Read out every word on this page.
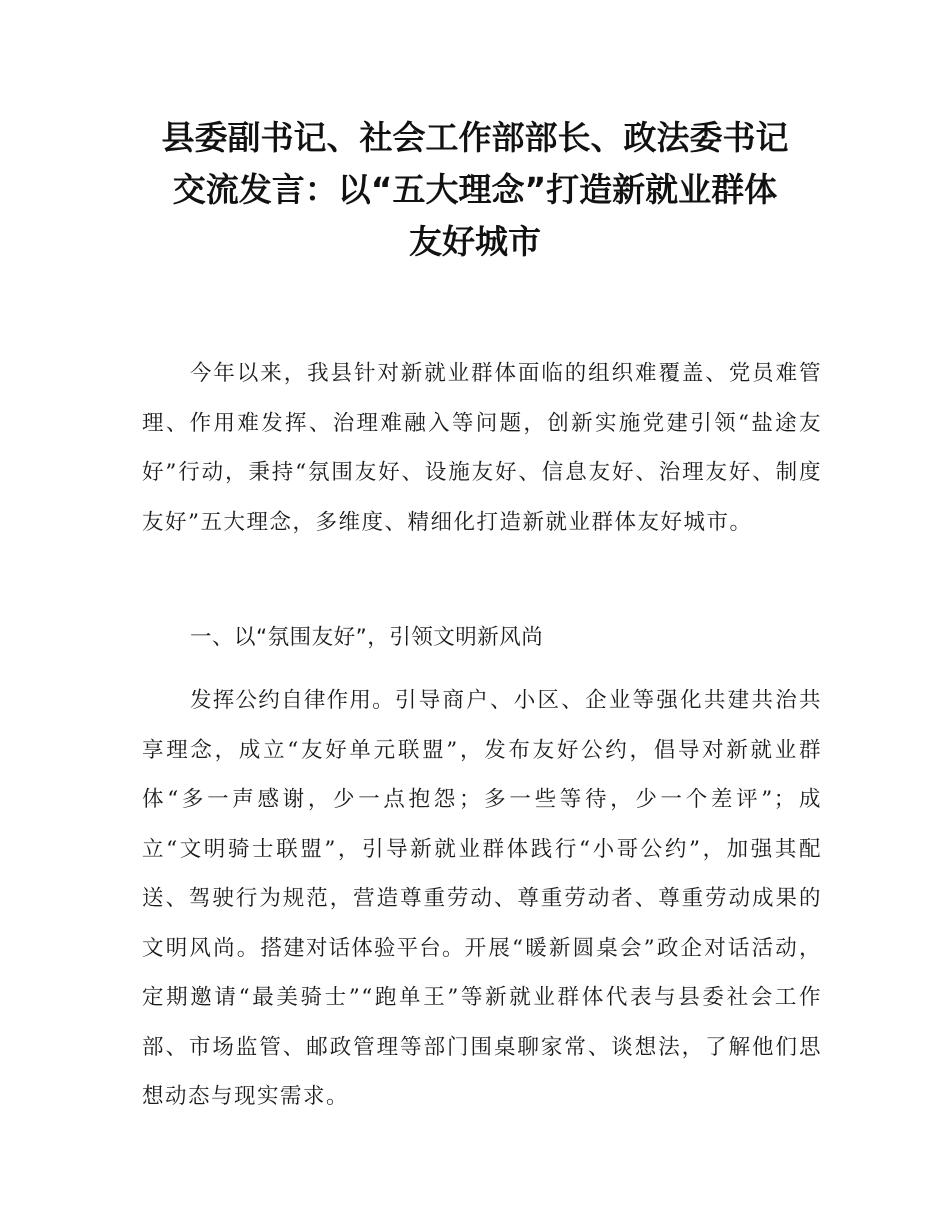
县委副书记、社会工作部部长、政法委书记
交流发言：以“五大理念”打造新就业群体
友好城市

今年以来，我县针对新就业群体面临的组织难覆盖、党员难管理、作用难发挥、治理难融入等问题，创新实施党建引领“盐途友好”行动，秉持“氛围友好、设施友好、信息友好、治理友好、制度友好”五大理念，多维度、精细化打造新就业群体友好城市。

一、以“氛围友好”，引领文明新风尚

发挥公约自律作用。引导商户、小区、企业等强化共建共治共享理念，成立“友好单元联盟”，发布友好公约，倡导对新就业群体“多一声感谢，少一点抱怨；多一些等待，少一个差评”；成立“文明骑士联盟”，引导新就业群体践行“小哥公约”，加强其配送、驾驶行为规范，营造尊重劳动、尊重劳动者、尊重劳动成果的文明风尚。搭建对话体验平台。开展“暖新圆桌会”政企对话活动，定期邀请“最美骑士”“跑单王”等新就业群体代表与县委社会工作部、市场监管、邮政管理等部门围桌聊家常、谈想法，了解他们思想动态与现实需求。
